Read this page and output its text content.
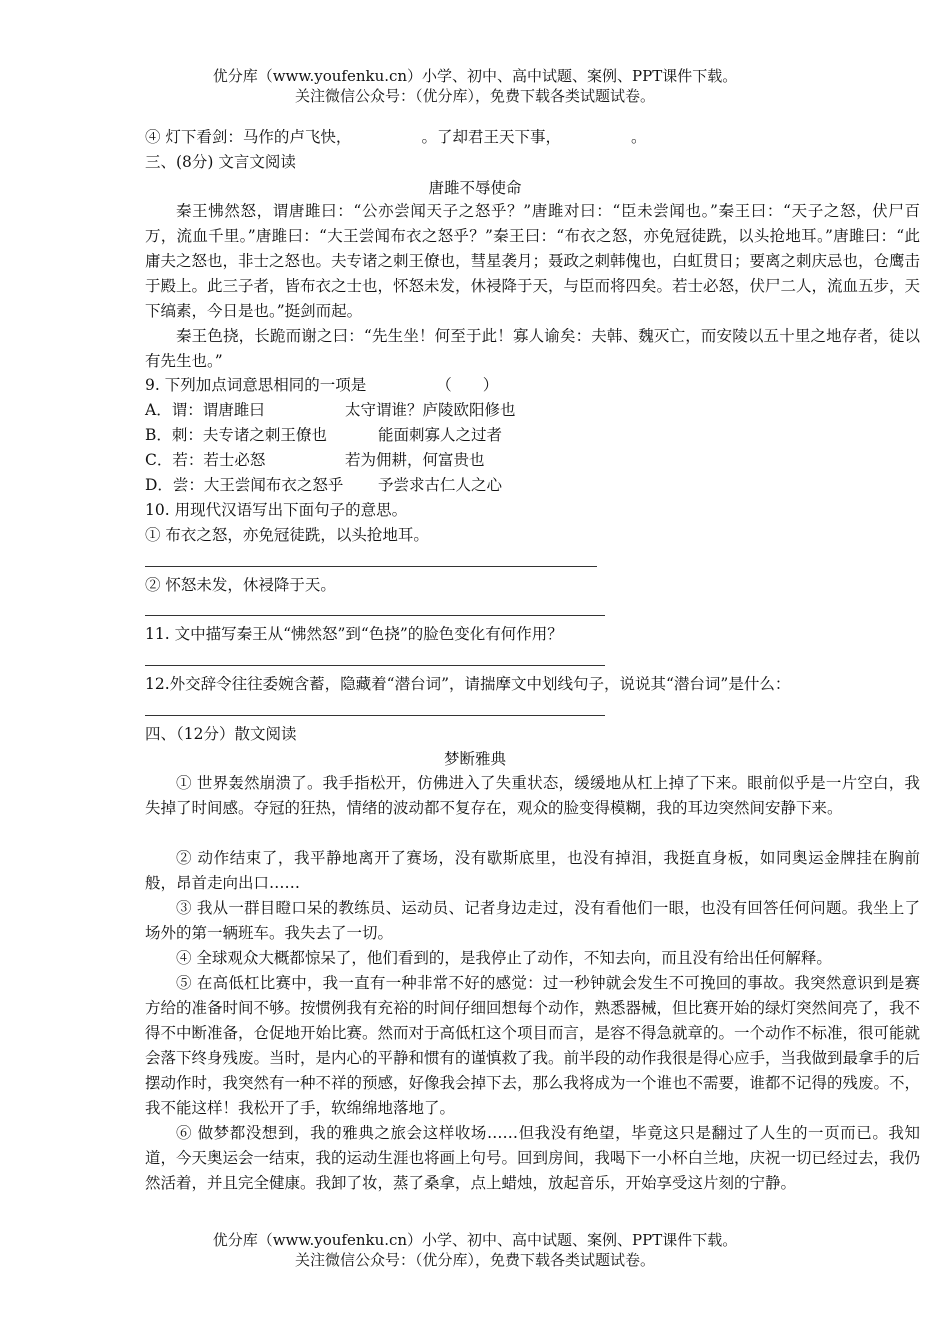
优分库（www.youfenku.cn）小学、初中、高中试题、案例、PPT课件下载。
关注微信公众号：（优分库），免费下载各类试题试卷。
④ 灯下看剑：马作的卢飞快，	。了却君王天下事，	。
三、(8分) 文言文阅读
唐雎不辱使命
秦王怫然怒，谓唐雎曰：“公亦尝闻天子之怒乎？”唐雎对曰：“臣未尝闻也。”秦王曰：“天子之怒，伏尸百万，流血千里。”唐雎曰：“大王尝闻布衣之怒乎？”秦王曰：“布衣之怒，亦免冠徒跣，以头抢地耳。”唐雎曰：“此庸夫之怒也，非士之怒也。夫专诸之刺王僚也，彗星袭月；聂政之刺韩傀也，白虹贯日；要离之刺庆忌也，仓鹰击于殿上。此三子者，皆布衣之士也，怀怒未发，休祲降于天，与臣而将四矣。若士必怒，伏尸二人，流血五步，天下缟素，今日是也。”挺剑而起。
秦王色挠，长跪而谢之曰：“先生坐！何至于此！寡人谕矣：夫韩、魏灭亡，而安陵以五十里之地存者，徒以有先生也。”
9. 下列加点词意思相同的一项是	（　　）
A．谓：谓唐雎曰	太守谓谁？庐陵欧阳修也
B．刺：夫专诸之刺王僚也	能面刺寡人之过者
C．若：若士必怒	若为佣耕，何富贵也
D．尝：大王尝闻布衣之怒乎 予尝求古仁人之心
10. 用现代汉语写出下面句子的意思。
① 布衣之怒，亦免冠徒跣，以头抢地耳。
② 怀怒未发，休祲降于天。
11. 文中描写秦王从“怫然怒”到“色挠”的脸色变化有何作用？
12.外交辞令往往委婉含蓄，隐藏着“潜台词”，请揣摩文中划线句子，说说其“潜台词”是什么：
四、（12分）散文阅读
梦断雅典
① 世界轰然崩溃了。我手指松开，仿佛进入了失重状态，缓缓地从杠上掉了下来。眼前似乎是一片空白，我失掉了时间感。夺冠的狂热，情绪的波动都不复存在，观众的脸变得模糊，我的耳边突然间安静下来。
② 动作结束了，我平静地离开了赛场，没有歇斯底里，也没有掉泪，我挺直身板，如同奥运金牌挂在胸前般，昂首走向出口……
③ 我从一群目瞪口呆的教练员、运动员、记者身边走过，没有看他们一眼，也没有回答任何问题。我坐上了场外的第一辆班车。我失去了一切。
④ 全球观众大概都惊呆了，他们看到的，是我停止了动作，不知去向，而且没有给出任何解释。
⑤ 在高低杠比赛中，我一直有一种非常不好的感觉：过一秒钟就会发生不可挽回的事故。我突然意识到是赛方给的准备时间不够。按惯例我有充裕的时间仔细回想每个动作，熟悉器械，但比赛开始的绿灯突然间亮了，我不得不中断准备，仓促地开始比赛。然而对于高低杠这个项目而言，是容不得急就章的。一个动作不标准，很可能就会落下终身残废。当时，是内心的平静和惯有的谨慎救了我。前半段的动作我很是得心应手，当我做到最拿手的后摆动作时，我突然有一种不祥的预感，好像我会掉下去，那么我将成为一个谁也不需要，谁都不记得的残废。不，我不能这样！我松开了手，软绵绵地落地了。
⑥ 做梦都没想到，我的雅典之旅会这样收场……但我没有绝望，毕竟这只是翻过了人生的一页而已。我知道，今天奥运会一结束，我的运动生涯也将画上句号。回到房间，我喝下一小杯白兰地，庆祝一切已经过去，我仍然活着，并且完全健康。我卸了妆，蒸了桑拿，点上蜡烛，放起音乐，开始享受这片刻的宁静。
优分库（www.youfenku.cn）小学、初中、高中试题、案例、PPT课件下载。
关注微信公众号：（优分库），免费下载各类试题试卷。
